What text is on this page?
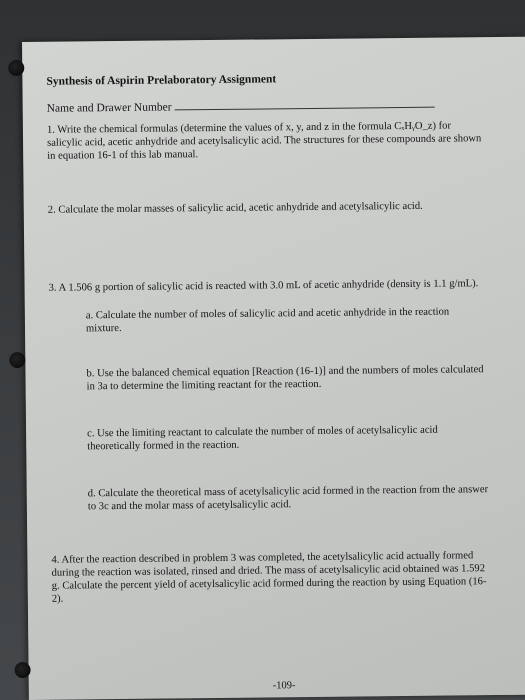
Synthesis of Aspirin Prelaboratory Assignment
Name and Drawer Number
1. Write the chemical formulas (determine the values of x, y, and z in the formula CₓHᵧO_z) for salicylic acid, acetic anhydride and acetylsalicylic acid. The structures for these compounds are shown in equation 16-1 of this lab manual.
2. Calculate the molar masses of salicylic acid, acetic anhydride and acetylsalicylic acid.
3. A 1.506 g portion of salicylic acid is reacted with 3.0 mL of acetic anhydride (density is 1.1 g/mL).
a. Calculate the number of moles of salicylic acid and acetic anhydride in the reaction mixture.
b. Use the balanced chemical equation [Reaction (16-1)] and the numbers of moles calculated in 3a to determine the limiting reactant for the reaction.
c. Use the limiting reactant to calculate the number of moles of acetylsalicylic acid theoretically formed in the reaction.
d. Calculate the theoretical mass of acetylsalicylic acid formed in the reaction from the answer to 3c and the molar mass of acetylsalicylic acid.
4. After the reaction described in problem 3 was completed, the acetylsalicylic acid actually formed during the reaction was isolated, rinsed and dried. The mass of acetylsalicylic acid obtained was 1.592 g. Calculate the percent yield of acetylsalicylic acid formed during the reaction by using Equation (16-2).
-109-
